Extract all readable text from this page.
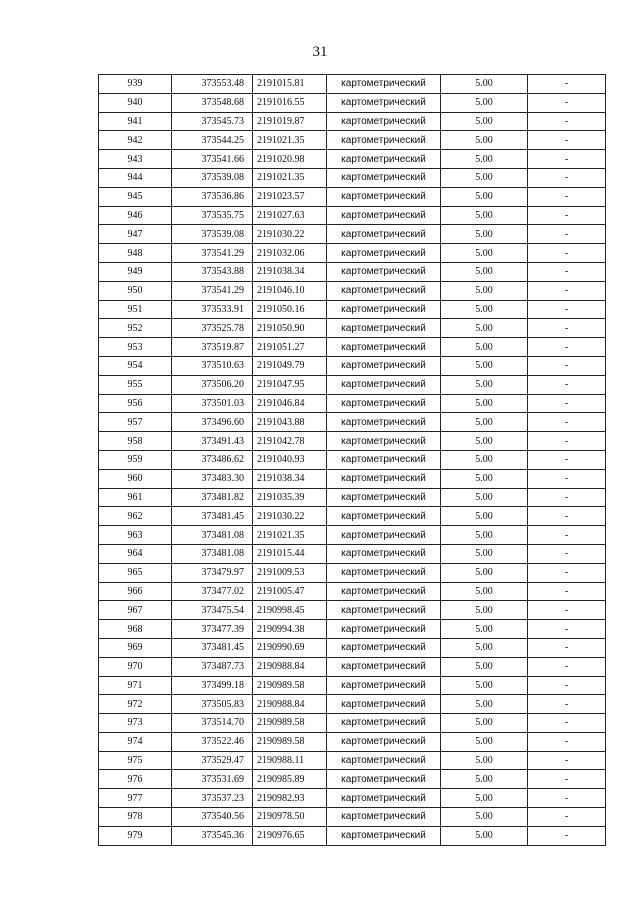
31
939	373553.48	2191015.81	картометрический	5.00	-
940	373548.68	2191016.55	картометрический	5.00	-
941	373545.73	2191019.87	картометрический	5.00	-
942	373544.25	2191021.35	картометрический	5.00	-
943	373541.66	2191020.98	картометрический	5.00	-
944	373539.08	2191021.35	картометрический	5.00	-
945	373536.86	2191023.57	картометрический	5.00	-
946	373535.75	2191027.63	картометрический	5.00	-
947	373539.08	2191030.22	картометрический	5.00	-
948	373541.29	2191032.06	картометрический	5.00	-
949	373543.88	2191038.34	картометрический	5.00	-
950	373541.29	2191046.10	картометрический	5.00	-
951	373533.91	2191050.16	картометрический	5.00	-
952	373525.78	2191050.90	картометрический	5.00	-
953	373519.87	2191051.27	картометрический	5.00	-
954	373510.63	2191049.79	картометрический	5.00	-
955	373506.20	2191047.95	картометрический	5.00	-
956	373501.03	2191046.84	картометрический	5.00	-
957	373496.60	2191043.88	картометрический	5.00	-
958	373491.43	2191042.78	картометрический	5.00	-
959	373486.62	2191040.93	картометрический	5.00	-
960	373483.30	2191038.34	картометрический	5.00	-
961	373481.82	2191035.39	картометрический	5.00	-
962	373481.45	2191030.22	картометрический	5.00	-
963	373481.08	2191021.35	картометрический	5.00	-
964	373481.08	2191015.44	картометрический	5.00	-
965	373479.97	2191009.53	картометрический	5.00	-
966	373477.02	2191005.47	картометрический	5.00	-
967	373475.54	2190998.45	картометрический	5.00	-
968	373477.39	2190994.38	картометрический	5.00	-
969	373481.45	2190990.69	картометрический	5.00	-
970	373487.73	2190988.84	картометрический	5.00	-
971	373499.18	2190989.58	картометрический	5.00	-
972	373505.83	2190988.84	картометрический	5.00	-
973	373514.70	2190989.58	картометрический	5.00	-
974	373522.46	2190989.58	картометрический	5.00	-
975	373529.47	2190988.11	картометрический	5.00	-
976	373531.69	2190985.89	картометрический	5.00	-
977	373537.23	2190982.93	картометрический	5.00	-
978	373540.56	2190978.50	картометрический	5.00	-
979	373545.36	2190976.65	картометрический	5.00	-
